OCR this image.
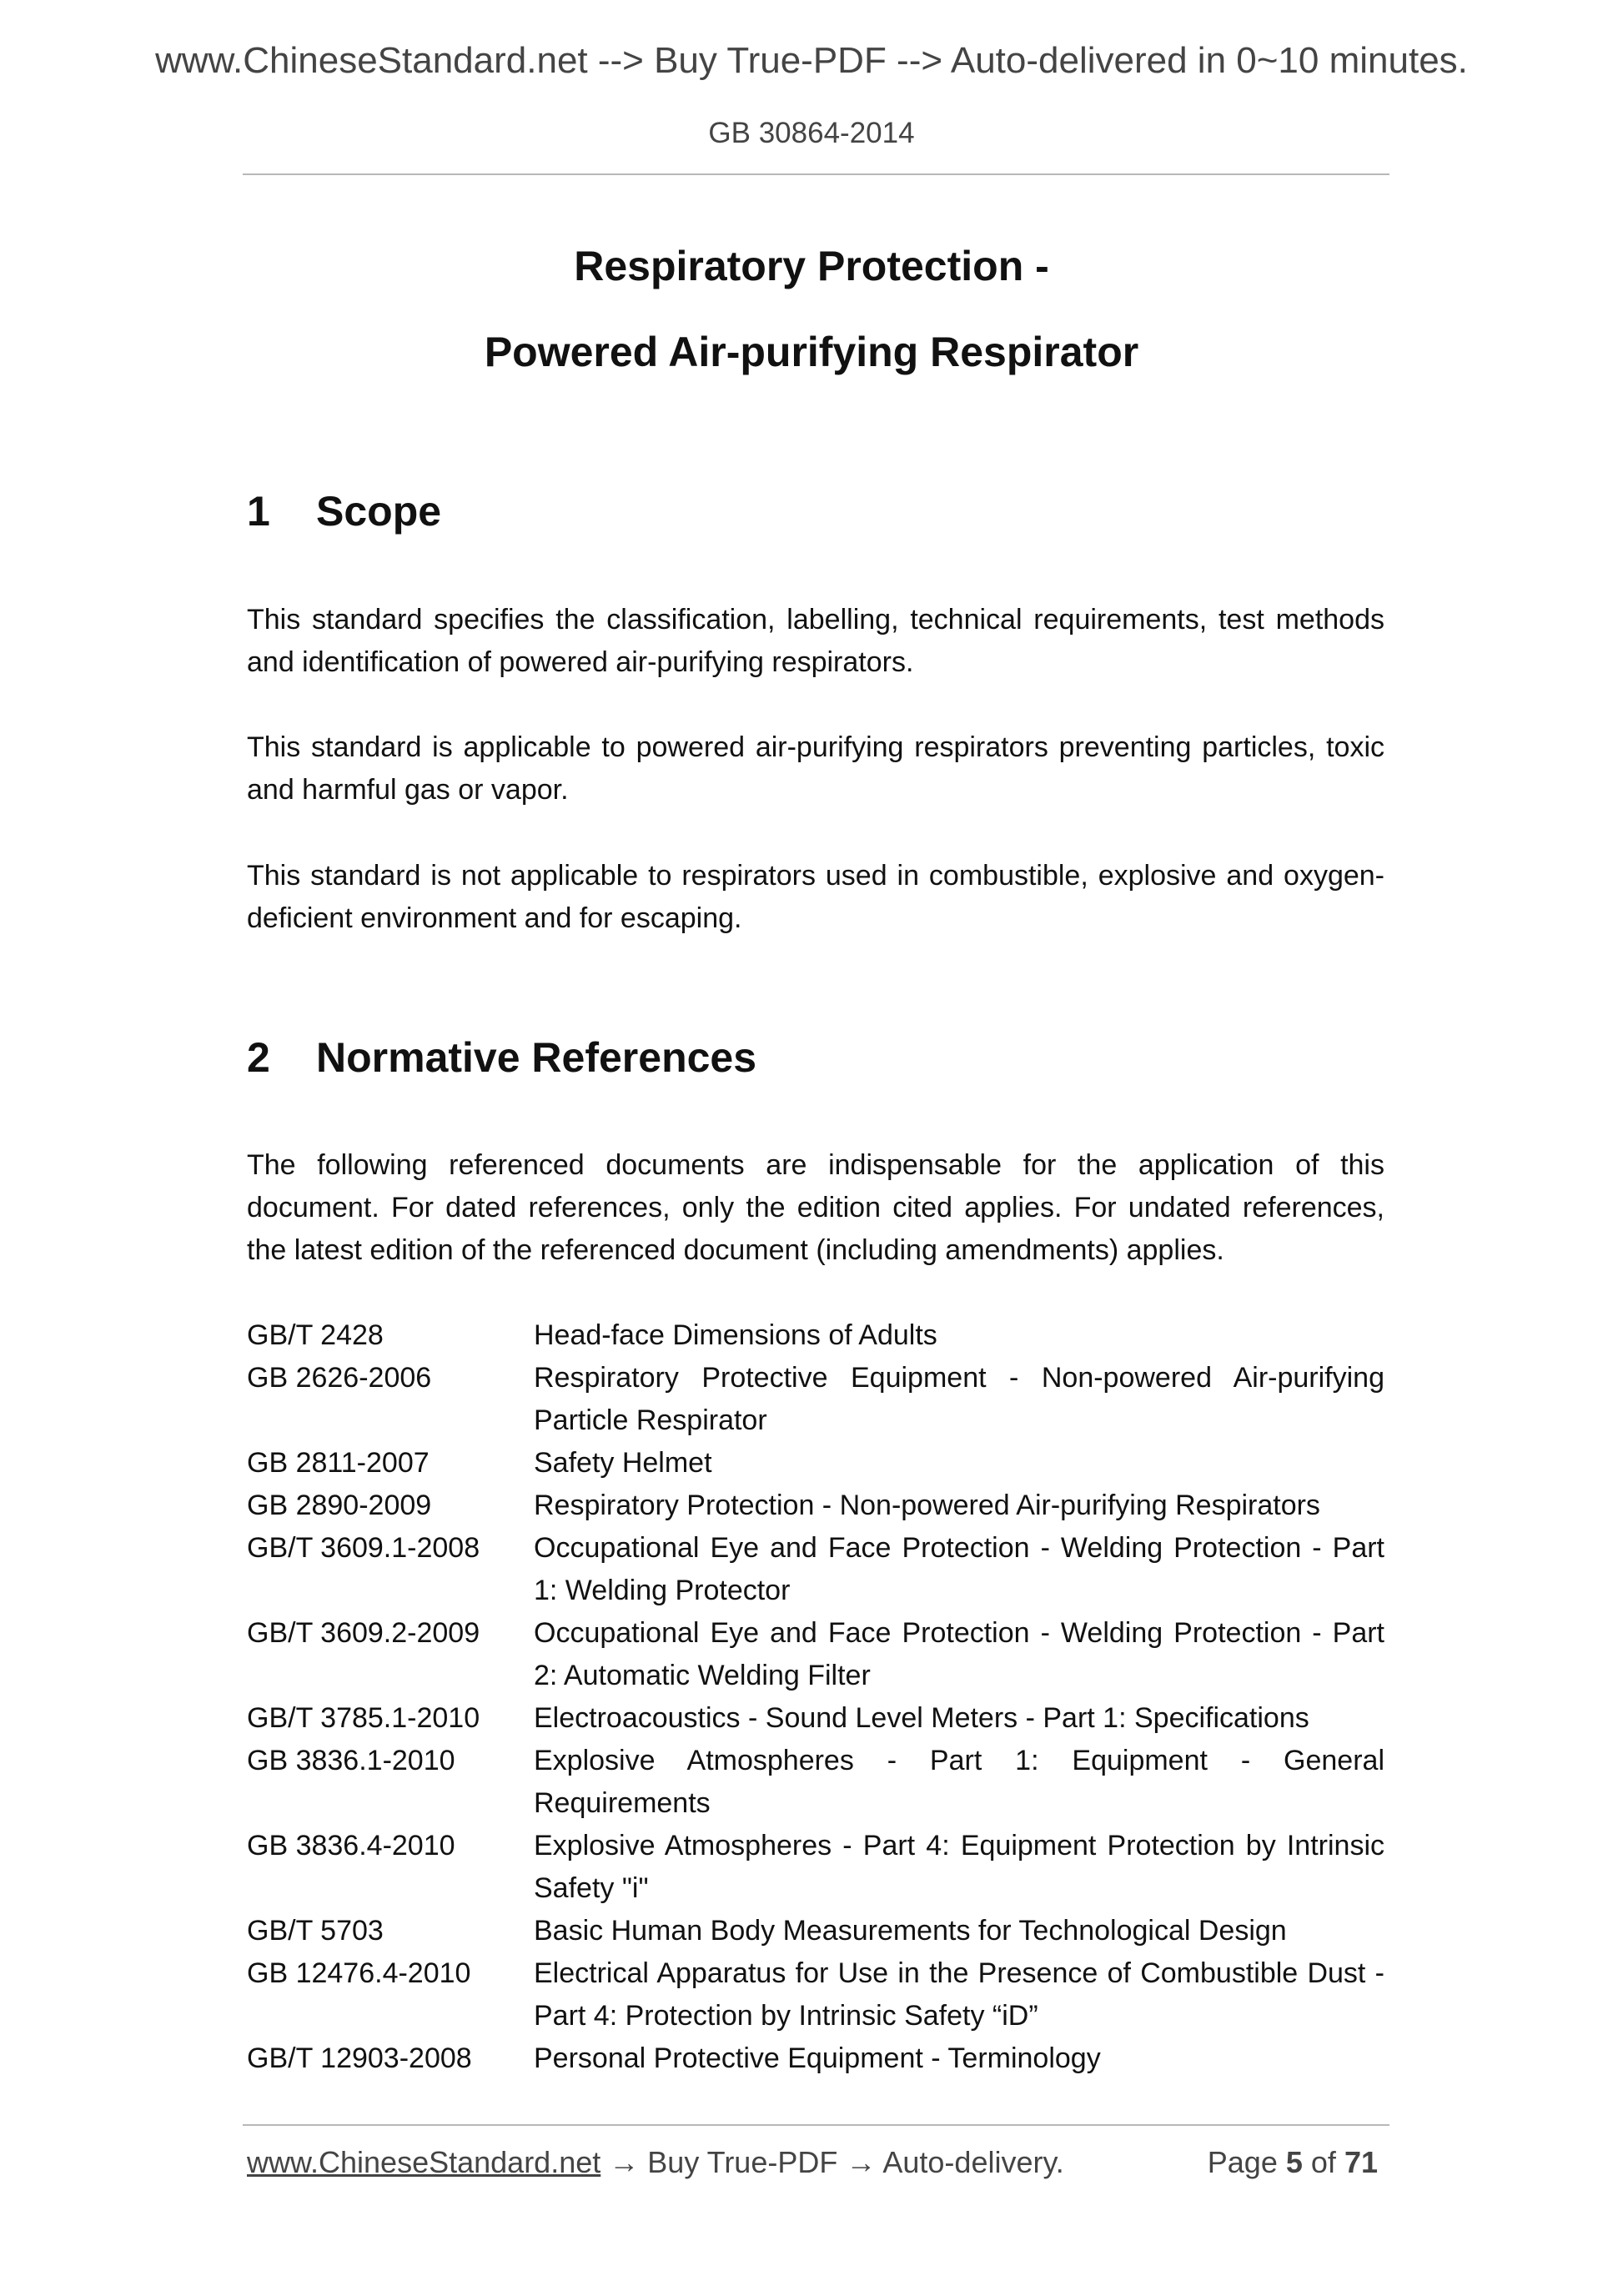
www.ChineseStandard.net --> Buy True-PDF --> Auto-delivered in 0~10 minutes.
GB 30864-2014
Respiratory Protection -
Powered Air-purifying Respirator
1 Scope
This standard specifies the classification, labelling, technical requirements, test methods and identification of powered air-purifying respirators.
This standard is applicable to powered air-purifying respirators preventing particles, toxic and harmful gas or vapor.
This standard is not applicable to respirators used in combustible, explosive and oxygen-deficient environment and for escaping.
2 Normative References
The following referenced documents are indispensable for the application of this document. For dated references, only the edition cited applies. For undated references, the latest edition of the referenced document (including amendments) applies.
GB/T 2428	Head-face Dimensions of Adults
GB 2626-2006	Respiratory Protective Equipment - Non-powered Air-purifying Particle Respirator
GB 2811-2007	Safety Helmet
GB 2890-2009	Respiratory Protection - Non-powered Air-purifying Respirators
GB/T 3609.1-2008	Occupational Eye and Face Protection - Welding Protection - Part 1: Welding Protector
GB/T 3609.2-2009	Occupational Eye and Face Protection - Welding Protection - Part 2: Automatic Welding Filter
GB/T 3785.1-2010	Electroacoustics - Sound Level Meters - Part 1: Specifications
GB 3836.1-2010	Explosive Atmospheres - Part 1: Equipment - General Requirements
GB 3836.4-2010	Explosive Atmospheres - Part 4: Equipment Protection by Intrinsic Safety "i"
GB/T 5703	Basic Human Body Measurements for Technological Design
GB 12476.4-2010	Electrical Apparatus for Use in the Presence of Combustible Dust - Part 4: Protection by Intrinsic Safety “iD”
GB/T 12903-2008	Personal Protective Equipment - Terminology
www.ChineseStandard.net → Buy True-PDF → Auto-delivery.	Page 5 of 71
